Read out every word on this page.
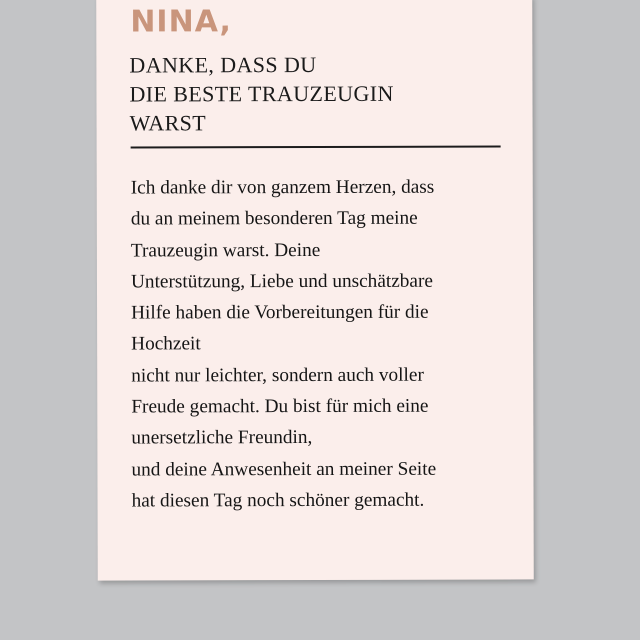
NINA,
DANKE, DASS DU
DIE BESTE TRAUZEUGIN
WARST
Ich danke dir von ganzem Herzen, dass
du an meinem besonderen Tag meine
Trauzeugin warst. Deine
Unterstützung, Liebe und unschätzbare
Hilfe haben die Vorbereitungen für die
Hochzeit
nicht nur leichter, sondern auch voller
Freude gemacht. Du bist für mich eine
unersetzliche Freundin,
und deine Anwesenheit an meiner Seite
hat diesen Tag noch schöner gemacht.
